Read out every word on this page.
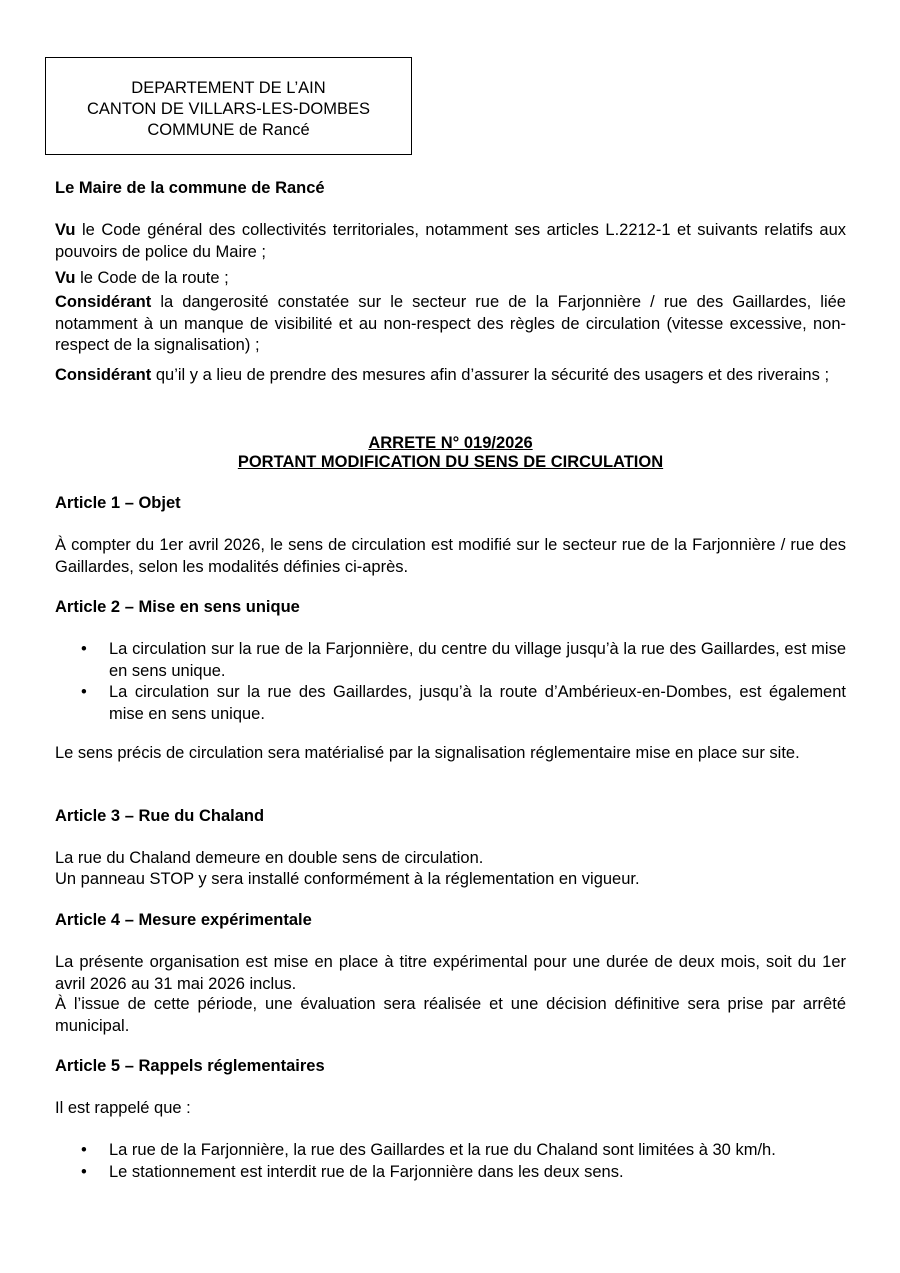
DEPARTEMENT DE L’AIN
CANTON DE VILLARS-LES-DOMBES
COMMUNE de Rancé
Le Maire de la commune de Rancé
Vu le Code général des collectivités territoriales, notamment ses articles L.2212-1 et suivants relatifs aux pouvoirs de police du Maire ;
Vu le Code de la route ;
Considérant la dangerosité constatée sur le secteur rue de la Farjonnière / rue des Gaillardes, liée notamment à un manque de visibilité et au non-respect des règles de circulation (vitesse excessive, non-respect de la signalisation) ;
Considérant qu’il y a lieu de prendre des mesures afin d’assurer la sécurité des usagers et des riverains ;
ARRETE N° 019/2026
PORTANT MODIFICATION DU SENS DE CIRCULATION
Article 1 – Objet
À compter du 1er avril 2026, le sens de circulation est modifié sur le secteur rue de la Farjonnière / rue des Gaillardes, selon les modalités définies ci-après.
Article 2 – Mise en sens unique
• La circulation sur la rue de la Farjonnière, du centre du village jusqu’à la rue des Gaillardes, est mise en sens unique.
• La circulation sur la rue des Gaillardes, jusqu’à la route d’Ambérieux-en-Dombes, est également mise en sens unique.
Le sens précis de circulation sera matérialisé par la signalisation réglementaire mise en place sur site.
Article 3 – Rue du Chaland
La rue du Chaland demeure en double sens de circulation.
Un panneau STOP y sera installé conformément à la réglementation en vigueur.
Article 4 – Mesure expérimentale
La présente organisation est mise en place à titre expérimental pour une durée de deux mois, soit du 1er avril 2026 au 31 mai 2026 inclus.
À l’issue de cette période, une évaluation sera réalisée et une décision définitive sera prise par arrêté municipal.
Article 5 – Rappels réglementaires
Il est rappelé que :
• La rue de la Farjonnière, la rue des Gaillardes et la rue du Chaland sont limitées à 30 km/h.
• Le stationnement est interdit rue de la Farjonnière dans les deux sens.
